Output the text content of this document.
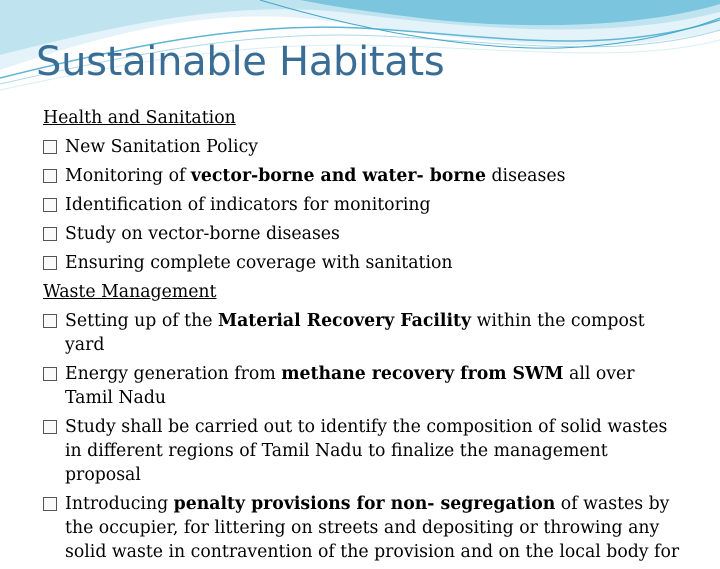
Sustainable Habitats
Health and Sanitation
New Sanitation Policy
Monitoring of vector-borne and water- borne diseases
Identification of indicators for monitoring
Study on vector-borne diseases
Ensuring complete coverage with sanitation
Waste Management
Setting up of the Material Recovery Facility within the compost yard
Energy generation from methane recovery from SWM all over Tamil Nadu
Study shall be carried out to identify the composition of solid wastes in different regions of Tamil Nadu to finalize the management proposal
Introducing penalty provisions for non- segregation of wastes by the occupier, for littering on streets and depositing or throwing any solid waste in contravention of the provision and on the local body for
